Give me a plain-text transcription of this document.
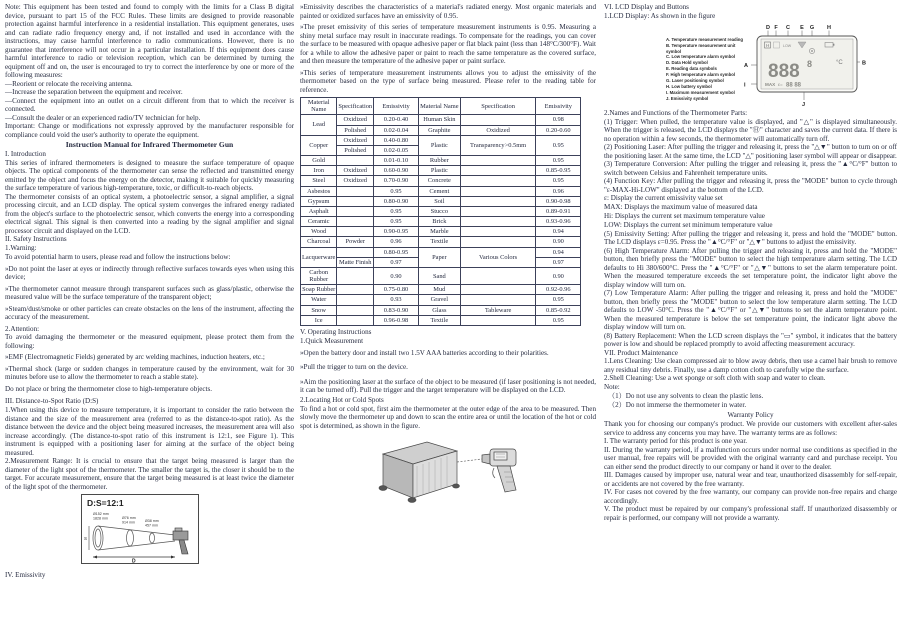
Note: This equipment has been tested and found to comply with the limits for a Class B digital device, pursuant to part 15 of the FCC Rules. These limits are designed to provide reasonable protection against harmful interference in a residential installation. This equipment generates, uses and can radiate radio frequency energy and, if not installed and used in accordance with the instructions, may cause harmful interference to radio communications. However, there is no guarantee that interference will not occur in a particular installation. If this equipment does cause harmful interference to radio or television reception, which can be determined by turning the equipment off and on, the user is encouraged to try to correct the interference by one or more of the following measures:

—Reorient or relocate the receiving antenna.

—Increase the separation between the equipment and receiver.

—Connect the equipment into an outlet on a circuit different from that to which the receiver is connected.

—Consult the dealer or an experienced radio/TV technician for help.

Important: Change or modifications not expressly approved by the manufacturer responsible for compliance could void the user's authority to operate the equipment.

Instruction Manual for Infrared Thermometer Gun

I. Introduction

This series of infrared thermometers is designed to measure the surface temperature of opaque objects. The optical components of the thermometer can sense the reflected and transmitted energy emitted by the object and focus the energy on the detector, making it suitable for quickly measuring the surface temperature of various high-temperature, toxic, or difficult-to-reach objects.

The thermometer consists of an optical system, a photoelectric sensor, a signal amplifier, a signal processing circuit, and an LCD display. The optical system converges the infrared energy radiated from the object's surface to the photoelectric sensor, which converts the energy into a corresponding electrical signal. This signal is then converted into a reading by the signal amplifier and signal processor circuit and displayed on the LCD.

II. Safety Instructions

1.Warning:

To avoid potential harm to users, please read and follow the instructions below:

»Do not point the laser at eyes or indirectly through reflective surfaces towards eyes when using this device;

»The thermometer cannot measure through transparent surfaces such as glass/plastic, otherwise the measured value will be the surface temperature of the transparent object;

»Steam/dust/smoke or other particles can create obstacles on the lens of the instrument, affecting the accuracy of the measurement.

2.Attention:

To avoid damaging the thermometer or the measured equipment, please protect them from the following:

»EMF (Electromagnetic Fields) generated by arc welding machines, induction heaters, etc.;

»Thermal shock (large or sudden changes in temperature caused by the environment, wait for 30 minutes before use to allow the thermometer to reach a stable state).

Do not place or bring the thermometer close to high-temperature objects.

III. Distance-to-Spot Ratio (D:S)

1.When using this device to measure temperature, it is important to consider the ratio between the distance and the size of the measurement area (referred to as the distance-to-spot ratio). As the distance between the device and the object being measured increases, the measurement area will also increase accordingly. (The distance-to-spot ratio of this instrument is 12:1, see Figure 1). This instrument is equipped with a positioning laser for aiming at the surface of the object being measured.

2.Measurement Range: It is crucial to ensure that the target being measured is larger than the diameter of the light spot of the thermometer. The smaller the target is, the closer it should be to the target. For accurate measurement, ensure that the target being measured is at least twice the diameter of the light spot of the thermometer.

D:S=12:1
Ø152 mm
1828 mm	Ø76 mm
914 mm	Ø38 mm
457 mm
S
D

IV. Emissivity

»Emissivity describes the characteristics of a material's radiated energy. Most organic materials and painted or oxidized surfaces have an emissivity of 0.95.

»The preset emissivity of this series of temperature measurement instruments is 0.95. Measuring a shiny metal surface may result in inaccurate readings. To compensate for the readings, you can cover the surface to be measured with opaque adhesive paper or flat black paint (less than 148°C/300°F). Wait for a while to allow the adhesive paper or paint to reach the same temperature as the covered surface, and then measure the temperature of the adhesive paper or paint surface.

»This series of temperature measurement instruments allows you to adjust the emissivity of the thermometer based on the type of surface being measured. Please refer to the reading table for reference.

Material Name	Specification	Emissivity	Material Name	Specification	Emissivity
Lead	Oxidized	0.20-0.40	Human Skin		0.98
	Polished	0.02-0.04	Graphite	Oxidized	0.20-0.60
Copper	Oxidized	0.40-0.80	Plastic	Transparency>0.5mm	0.95
	Polished	0.02-0.05			
Gold		0.01-0.10	Rubber		0.95
Iron	Oxidized	0.60-0.90	Plastic		0.85-0.95
Steel	Oxidized	0.70-0.90	Concrete		0.95
Asbestos		0.95	Cement		0.96
Gypsum		0.80-0.90	Soil		0.90-0.98
Asphalt		0.95	Stucco		0.89-0.91
Ceramic		0.95	Brick		0.93-0.96
Wood		0.90-0.95	Marble		0.94
Charcoal	Powder	0.96	Textile		0.90
Lacquerware		0.80-0.95	Paper	Various Colors	0.94
	Matte Finish	0.97			0.97
Carbon Rubber		0.90	Sand		0.90
Soap Rubber		0.75-0.80	Mud		0.92-0.96
Water		0.93	Gravel		0.95
Snow		0.83-0.90	Glass	Tableware	0.85-0.92
Ice		0.96-0.98	Textile		0.95

V. Operating Instructions

1.Quick Measurement

»Open the battery door and install two 1.5V AAA batteries according to their polarities.

»Pull the trigger to turn on the device.

»Aim the positioning laser at the surface of the object to be measured (if laser positioning is not needed, it can be turned off). Pull the trigger and the target temperature will be displayed on the LCD.

2.Locating Hot or Cold Spots

To find a hot or cold spot, first aim the thermometer at the outer edge of the area to be measured. Then slowly move the thermometer up and down to scan the entire area or until the location of the hot or cold spot is determined, as shown in the figure.

VI. LCD Display and Buttons

1.LCD Display: As shown in the figure

A. Temperature measurement reading
B. Temperature measurement unit symbol
C. Low temperature alarm symbol
D. Data Hold symbol
E. Reading data symbols
F. High temperature alarm symbol
G. Laser positioning symbol
H. Low battery symbol
I. Maximum measurement symbol
J. Emissivity symbol
D F C E G H
H	LOW
888 8	°C
MAX ε= 88 88
A	B
I
J

2.Names and Functions of the Thermometer Parts:

(1) Trigger: When pulled, the temperature value is displayed, and "△" is displayed simultaneously. When the trigger is released, the LCD displays the "Ⓗ" character and saves the current data. If there is no operation within a few seconds, the thermometer will automatically turn off.

(2) Positioning Laser: After pulling the trigger and releasing it, press the "△▼" button to turn on or off the positioning laser. At the same time, the LCD "△" positioning laser symbol will appear or disappear.

(3) Temperature Conversion: After pulling the trigger and releasing it, press the "▲°C/°F" button to switch between Celsius and Fahrenheit temperature units.

(4) Function Key: After pulling the trigger and releasing it, press the "MODE" button to cycle through "ε-MAX-Hi-LOW" displayed at the bottom of the LCD.

ε: Display the current emissivity value set

MAX: Displays the maximum value of measured data

Hi: Displays the current set maximum temperature value

LOW: Displays the current set minimum temperature value

(5) Emissivity Setting: After pulling the trigger and releasing it, press and hold the "MODE" button. The LCD displays ε=0.95. Press the "▲°C/°F" or "△▼" buttons to adjust the emissivity.

(6) High Temperature Alarm: After pulling the trigger and releasing it, press and hold the "MODE" button, then briefly press the "MODE" button to select the high temperature alarm setting. The LCD defaults to Hi 380/600°C. Press the "▲°C/°F" or "△▼" buttons to set the alarm temperature point. When the measured temperature exceeds the set temperature point, the indicator light above the display window will turn on.

(7) Low Temperature Alarm: After pulling the trigger and releasing it, press and hold the "MODE" button, then briefly press the "MODE" button to select the low temperature alarm setting. The LCD defaults to LOW -50°C. Press the "▲°C/°F" or "△▼" buttons to set the alarm temperature point. When the measured temperature is below the set temperature point, the indicator light above the display window will turn on.

(8) Battery Replacement: When the LCD screen displays the "▭" symbol, it indicates that the battery power is low and should be replaced promptly to avoid affecting measurement accuracy.

VII. Product Maintenance

1.Lens Cleaning: Use clean compressed air to blow away debris, then use a camel hair brush to remove any residual tiny debris. Finally, use a damp cotton cloth to carefully wipe the surface.

2.Shell Cleaning: Use a wet sponge or soft cloth with soap and water to clean.

Note:

（1）Do not use any solvents to clean the plastic lens.

（2）Do not immerse the thermometer in water.

Warranty Policy

Thank you for choosing our company's product. We provide our customers with excellent after-sales service to address any concerns you may have. The warranty terms are as follows:

I. The warranty period for this product is one year.

II. During the warranty period, if a malfunction occurs under normal use conditions as specified in the user manual, free repairs will be provided with the original warranty card and purchase receipt. You can either send the product directly to our company or hand it over to the dealer.

III. Damages caused by improper use, natural wear and tear, unauthorized disassembly for self-repair, or accidents are not covered by the free warranty.

IV. For cases not covered by the free warranty, our company can provide non-free repairs and charge accordingly.

V. The product must be repaired by our company's professional staff. If unauthorized disassembly or repair is performed, our company will not provide a warranty.
